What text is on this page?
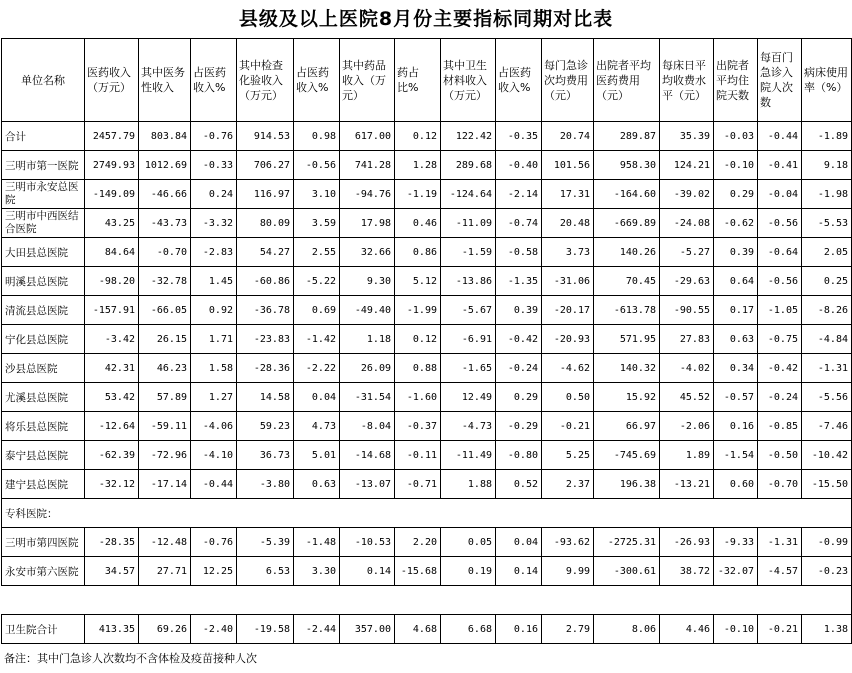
县级及以上医院8月份主要指标同期对比表
单位名称	医药收入（万元）	其中医务性收入	占医药收入%	其中检查化验收入（万元）	占医药收入%	其中药品收入（万元）	药占比%	其中卫生材料收入（万元）	占医药收入%	每门急诊次均费用（元）	出院者平均医药费用（元）	每床日平均收费水平（元）	出院者平均住院天数	每百门急诊入院人次数	病床使用率（%）
合计	2457.79	803.84	-0.76	914.53	0.98	617.00	0.12	122.42	-0.35	20.74	289.87	35.39	-0.03	-0.44	-1.89
三明市第一医院	2749.93	1012.69	-0.33	706.27	-0.56	741.28	1.28	289.68	-0.40	101.56	958.30	124.21	-0.10	-0.41	9.18
三明市永安总医院	-149.09	-46.66	0.24	116.97	3.10	-94.76	-1.19	-124.64	-2.14	17.31	-164.60	-39.02	0.29	-0.04	-1.98
三明市中西医结合医院	43.25	-43.73	-3.32	80.09	3.59	17.98	0.46	-11.09	-0.74	20.48	-669.89	-24.08	-0.62	-0.56	-5.53
大田县总医院	84.64	-0.70	-2.83	54.27	2.55	32.66	0.86	-1.59	-0.58	3.73	140.26	-5.27	0.39	-0.64	2.05
明溪县总医院	-98.20	-32.78	1.45	-60.86	-5.22	9.30	5.12	-13.86	-1.35	-31.06	70.45	-29.63	0.64	-0.56	0.25
清流县总医院	-157.91	-66.05	0.92	-36.78	0.69	-49.40	-1.99	-5.67	0.39	-20.17	-613.78	-90.55	0.17	-1.05	-8.26
宁化县总医院	-3.42	26.15	1.71	-23.83	-1.42	1.18	0.12	-6.91	-0.42	-20.93	571.95	27.83	0.63	-0.75	-4.84
沙县总医院	42.31	46.23	1.58	-28.36	-2.22	26.09	0.88	-1.65	-0.24	-4.62	140.32	-4.02	0.34	-0.42	-1.31
尤溪县总医院	53.42	57.89	1.27	14.58	0.04	-31.54	-1.60	12.49	0.29	0.50	15.92	45.52	-0.57	-0.24	-5.56
将乐县总医院	-12.64	-59.11	-4.06	59.23	4.73	-8.04	-0.37	-4.73	-0.29	-0.21	66.97	-2.06	0.16	-0.85	-7.46
泰宁县总医院	-62.39	-72.96	-4.10	36.73	5.01	-14.68	-0.11	-11.49	-0.80	5.25	-745.69	1.89	-1.54	-0.50	-10.42
建宁县总医院	-32.12	-17.14	-0.44	-3.80	0.63	-13.07	-0.71	1.88	0.52	2.37	196.38	-13.21	0.60	-0.70	-15.50
专科医院：															
三明市第四医院	-28.35	-12.48	-0.76	-5.39	-1.48	-10.53	2.20	0.05	0.04	-93.62	-2725.31	-26.93	-9.33	-1.31	-0.99
永安市第六医院	34.57	27.71	12.25	6.53	3.30	0.14	-15.68	0.19	0.14	9.99	-300.61	38.72	-32.07	-4.57	-0.23

卫生院合计	413.35	69.26	-2.40	-19.58	-2.44	357.00	4.68	6.68	0.16	2.79	8.06	4.46	-0.10	-0.21	1.38
备注：其中门急诊人次数均不含体检及疫苗接种人次
